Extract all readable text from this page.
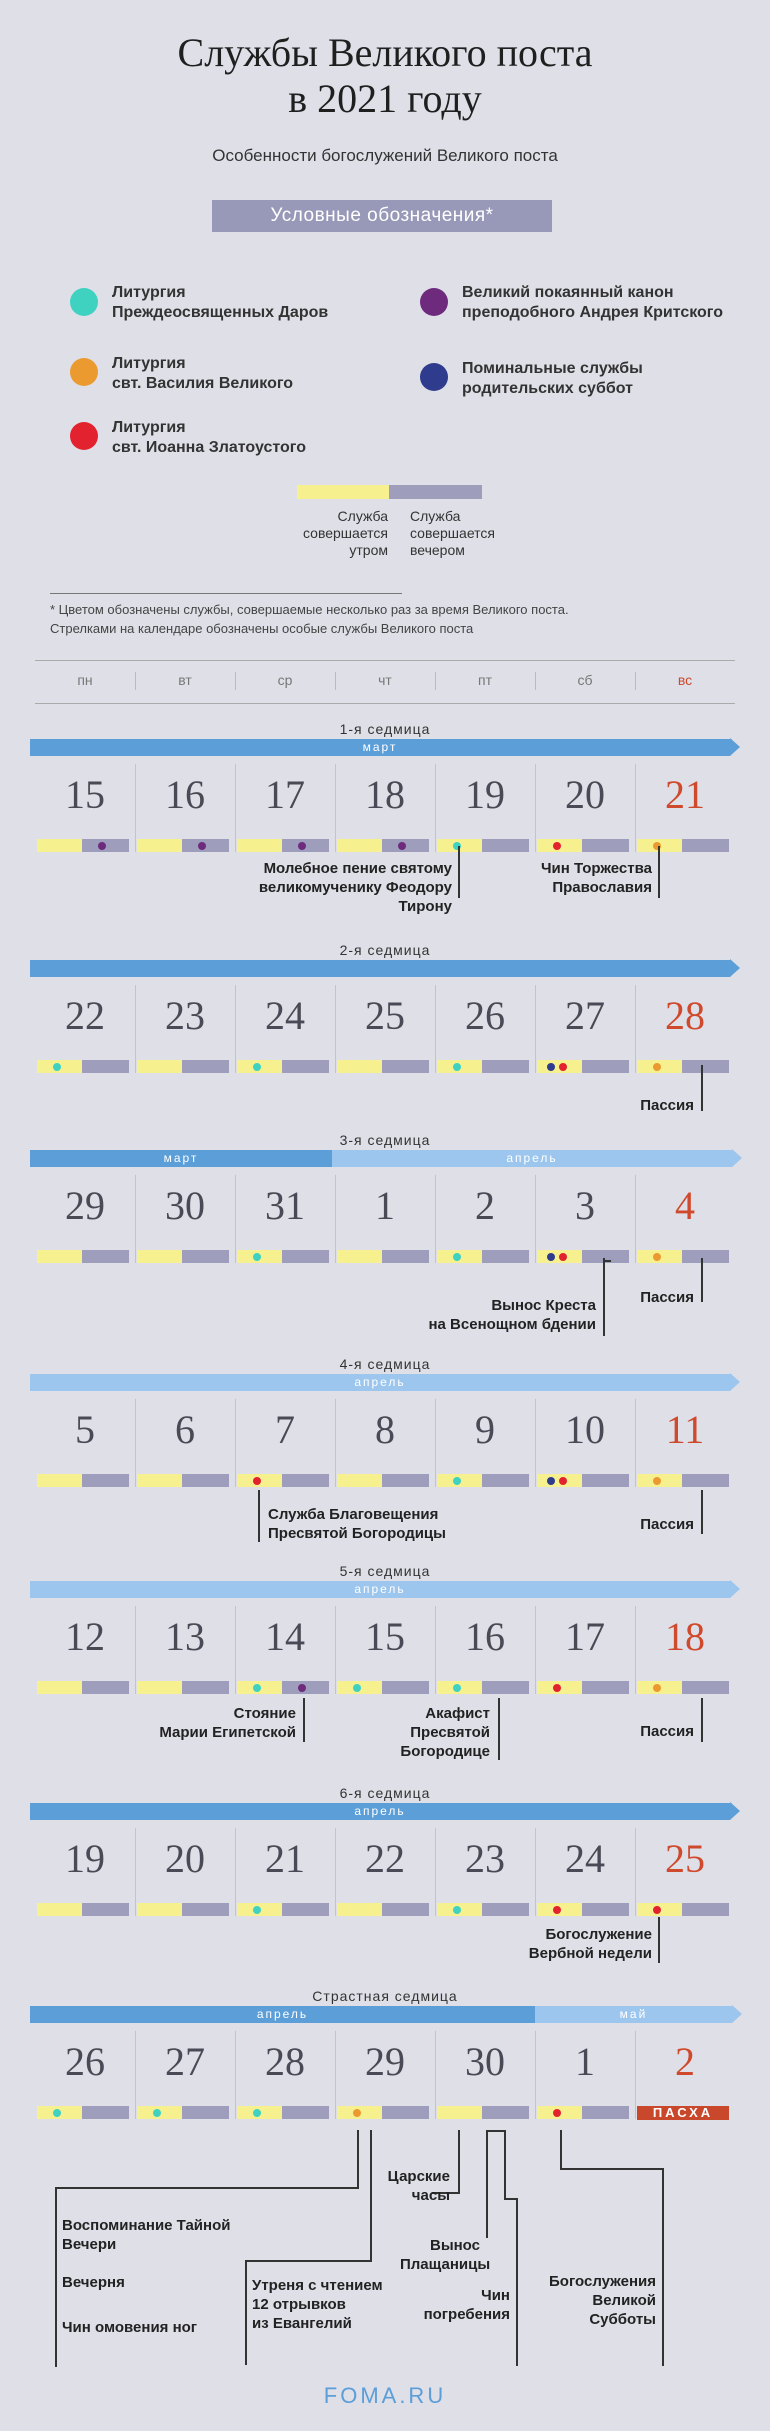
Службы Великого поста
в 2021 году
Особенности богослужений Великого поста
Условные обозначения*
Литургия
Преждеосвященных Даров
Литургия
свт. Василия Великого
Литургия
свт. Иоанна Златоустого
Великий покаянный канон
преподобного Андрея Критского
Поминальные службы
родительских суббот
Служба
совершается
утром
Служба
совершается
вечером
* Цветом обозначены службы, совершаемые несколько раз за время Великого поста.
Стрелками на календаре обозначены особые службы Великого поста
пн	вт	ср	чт	пт	сб	вс
1-я седмица
март
15	16	17	18	19	20	21
2-я седмица
22	23	24	25	26	27	28
3-я седмица
март	апрель
29	30	31	1	2	3	4
4-я седмица
апрель
5	6	7	8	9	10	11
5-я седмица
апрель
12	13	14	15	16	17	18
6-я седмица
апрель
19	20	21	22	23	24	25
Страстная седмица
апрель	май
26	27	28	29	30	1	2
ПАСХА
Молебное пение святому
великомученику Феодору Тирону
Чин Торжества
Православия
Пассия
Вынос Креста
на Всенощном бдении
Пассия
Служба Благовещения
Пресвятой Богородицы
Пассия
Стояние
Марии Египетской
Акафист
Пресвятой
Богородице
Пассия
Богослужение
Вербной недели
Воспоминание Тайной
Вечери
Вечерня
Чин омовения ног
Утреня с чтением
12 отрывков
из Евангелий
Царские
часы
Вынос
Плащаницы
Чин
погребения
Богослужения
Великой
Субботы
FOMA.RU
